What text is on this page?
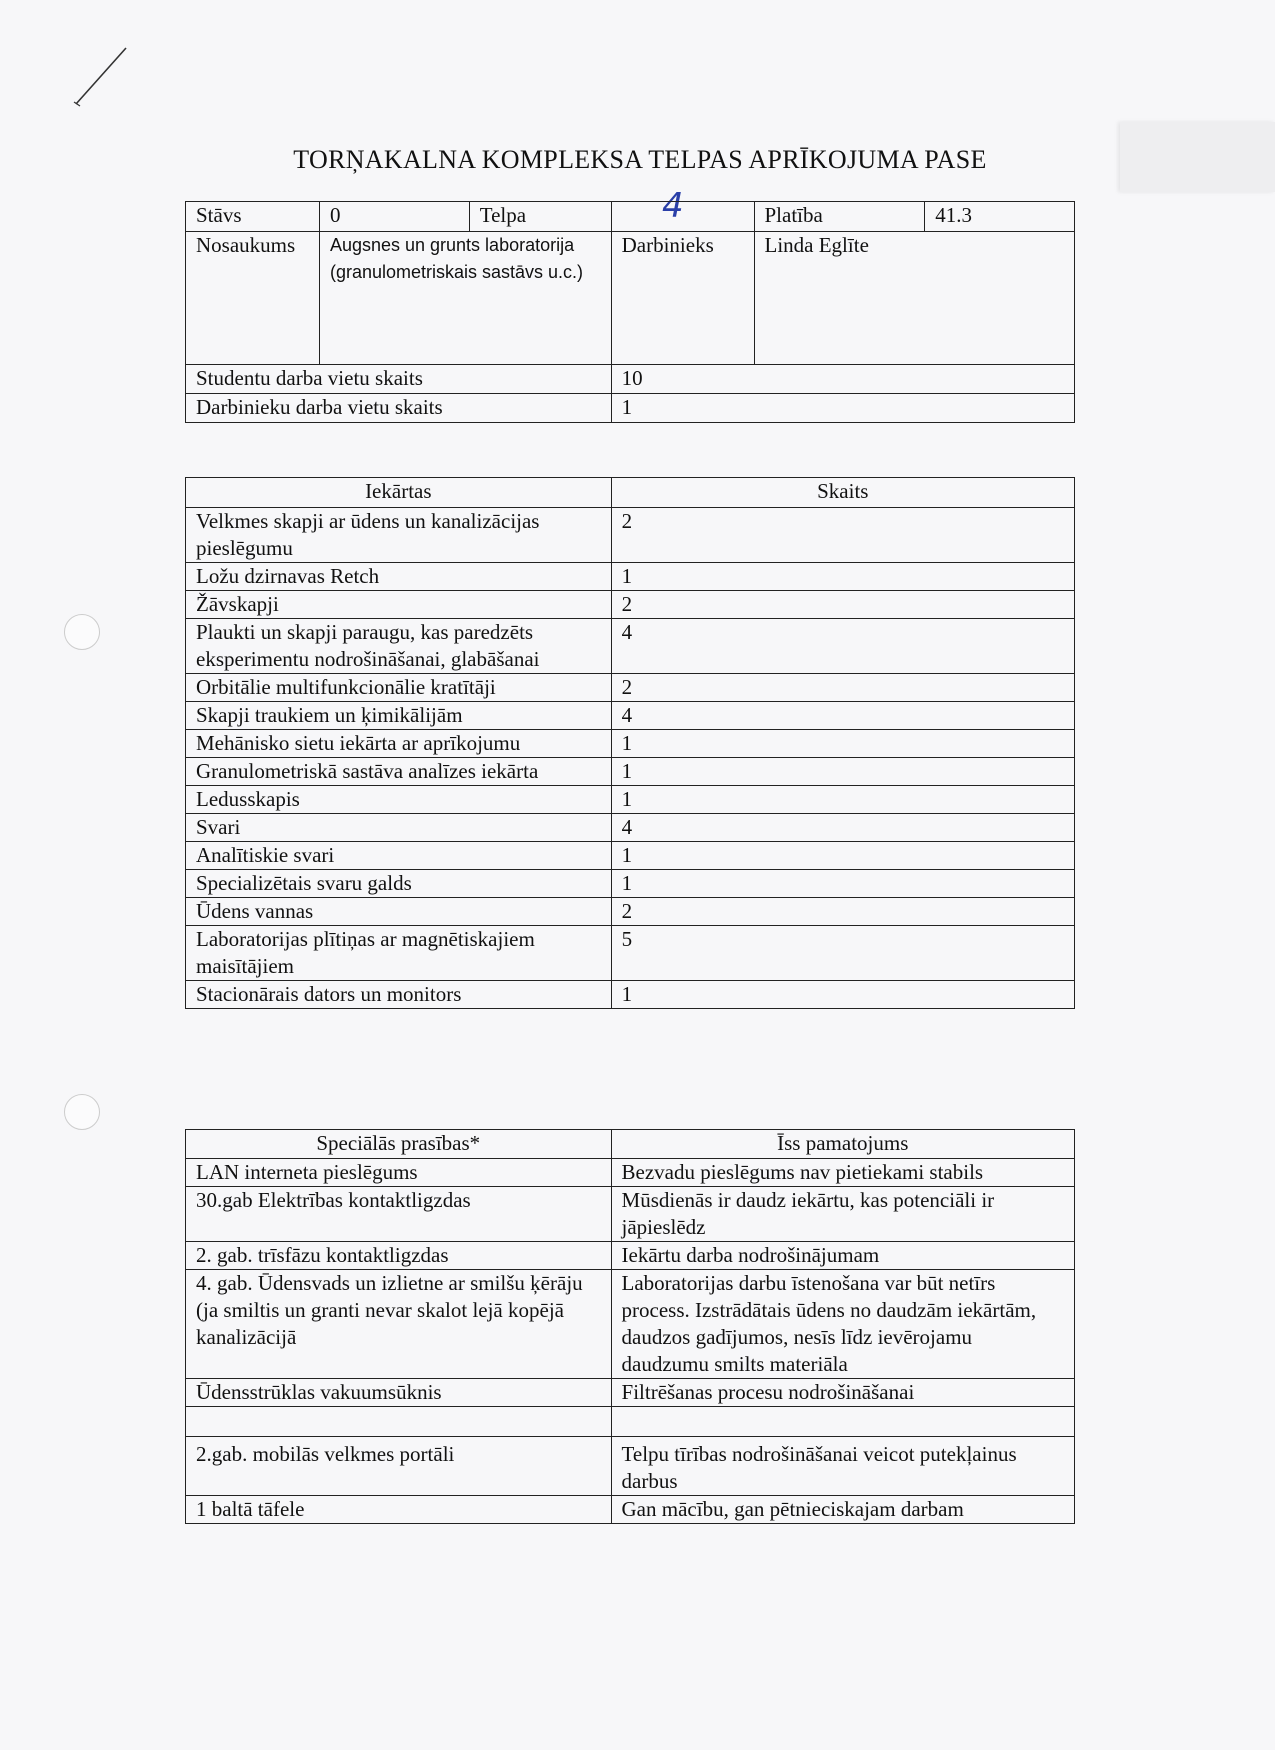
TORŅAKALNA KOMPLEKSA TELPAS APRĪKOJUMA PASE
4
Stāvs	0	Telpa		Platība	41.3
Nosaukums	Augsnes un grunts laboratorija (granulometriskais sastāvs u.c.)		Darbinieks	Linda Eglīte	
Studentu darba vietu skaits			10		
Darbinieku darba vietu skaits			1		
Iekārtas	Skaits
Velkmes skapji ar ūdens un kanalizācijas pieslēgumu	2
Ložu dzirnavas Retch	1
Žāvskapji	2
Plaukti un skapji paraugu, kas paredzēts eksperimentu nodrošināšanai, glabāšanai	4
Orbitālie multifunkcionālie kratītāji	2
Skapji traukiem un ķimikālijām	4
Mehānisko sietu iekārta ar aprīkojumu	1
Granulometriskā sastāva analīzes iekārta	1
Ledusskapis	1
Svari	4
Analītiskie svari	1
Specializētais svaru galds	1
Ūdens vannas	2
Laboratorijas plītiņas ar magnētiskajiem maisītājiem	5
Stacionārais dators un monitors	1
Speciālās prasības*	Īss pamatojums
LAN interneta pieslēgums	Bezvadu pieslēgums nav pietiekami stabils
30.gab Elektrības kontaktligzdas	Mūsdienās ir daudz iekārtu, kas potenciāli ir jāpieslēdz
2. gab. trīsfāzu kontaktligzdas	Iekārtu darba nodrošinājumam
4. gab. Ūdensvads un izlietne ar smilšu ķērāju (ja smiltis un granti nevar skalot lejā kopējā kanalizācijā	Laboratorijas darbu īstenošana var būt netīrs process. Izstrādātais ūdens no daudzām iekārtām, daudzos gadījumos, nesīs līdz ievērojamu daudzumu smilts materiāla
Ūdensstrūklas vakuumsūknis	Filtrēšanas procesu nodrošināšanai

2.gab. mobilās velkmes portāli	Telpu tīrības nodrošināšanai veicot putekļainus darbus
1 baltā tāfele	Gan mācību, gan pētnieciskajam darbam
